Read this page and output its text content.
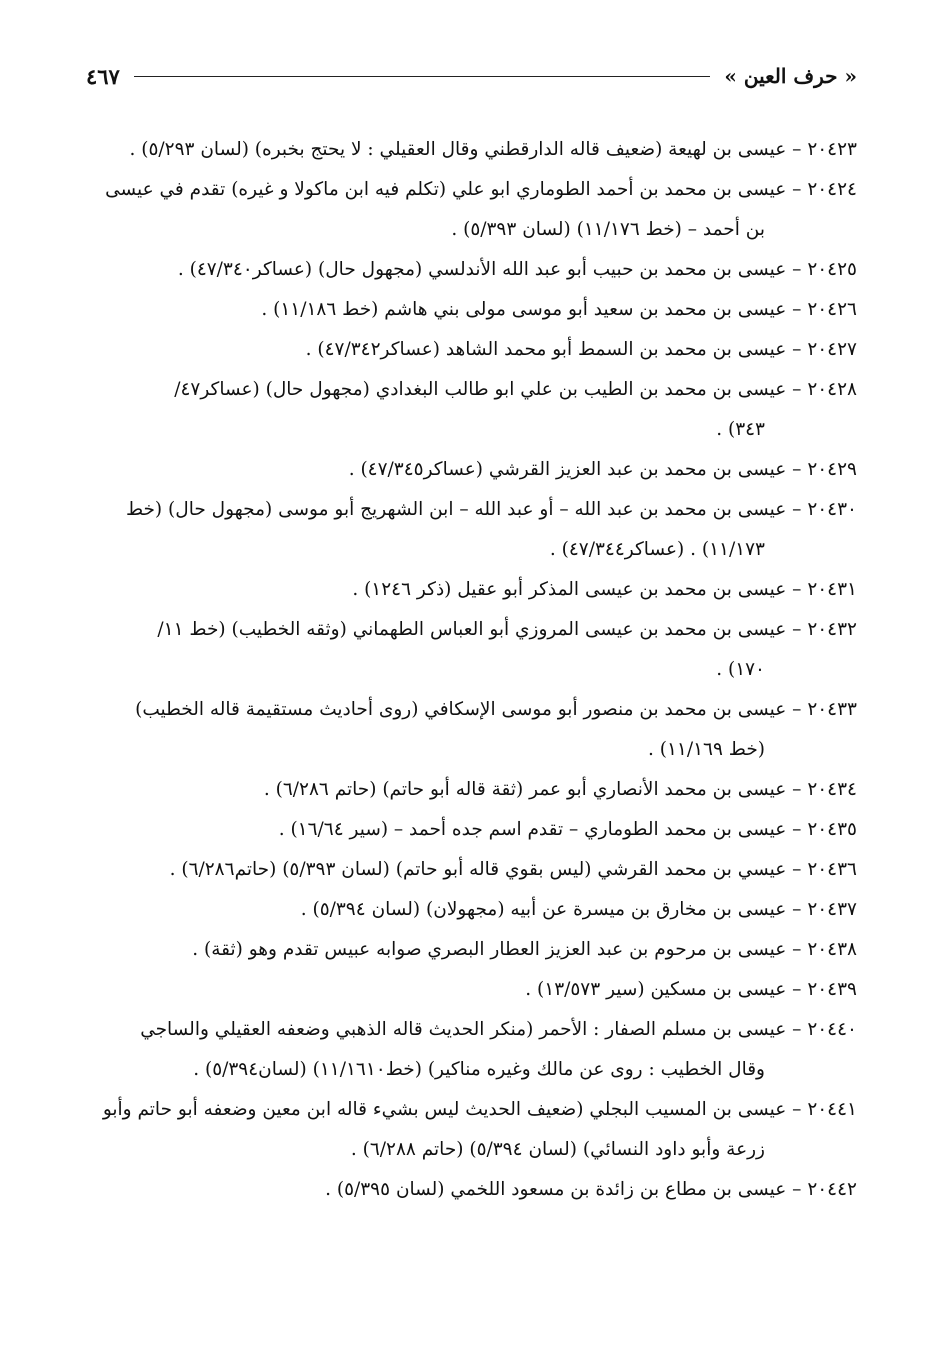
« حرف العين »
٤٦٧

٢٠٤٢٣ – عيسى بن لهيعة (ضعيف قاله الدارقطني وقال العقيلي : لا يحتج بخبره) (لسان ٥/٢٩٣) .

٢٠٤٢٤ – عيسى بن محمد بن أحمد الطوماري ابو علي (تكلم فيه ابن ماكولا و غيره) تقدم في عيسى
بن أحمد – (خط ١١/١٧٦) (لسان ٥/٣٩٣) .

٢٠٤٢٥ – عيسى بن محمد بن حبيب أبو عبد الله الأندلسي (مجهول حال) (عساكر٤٧/٣٤٠) .

٢٠٤٢٦ – عيسى بن محمد بن سعيد أبو موسى مولى بني هاشم (خط ١١/١٨٦) .

٢٠٤٢٧ – عيسى بن محمد بن السمط أبو محمد الشاهد (عساكر٤٧/٣٤٢) .

٢٠٤٢٨ – عيسى بن محمد بن الطيب بن علي ابو طالب البغدادي (مجهول حال) (عساكر٤٧/
٣٤٣) .

٢٠٤٢٩ – عيسى بن محمد بن عبد العزيز القرشي (عساكر٤٧/٣٤٥) .

٢٠٤٣٠ – عيسى بن محمد بن عبد الله – أو عبد الله – ابن الشهريج أبو موسى (مجهول حال) (خط
١١/١٧٣) . (عساكر٤٧/٣٤٤) .

٢٠٤٣١ – عيسى بن محمد بن عيسى المذكر أبو عقيل (ذكر ١٢٤٦) .

٢٠٤٣٢ – عيسى بن محمد بن عيسى المروزي أبو العباس الطهماني (وثقه الخطيب) (خط ١١/
١٧٠) .

٢٠٤٣٣ – عيسى بن محمد بن منصور أبو موسى الإسكافي (روى أحاديث مستقيمة قاله الخطيب)
(خط ١١/١٦٩) .

٢٠٤٣٤ – عيسى بن محمد الأنصاري أبو عمر (ثقة قاله أبو حاتم) (حاتم ٦/٢٨٦) .

٢٠٤٣٥ – عيسى بن محمد الطوماري – تقدم اسم جده أحمد – (سير ١٦/٦٤) .

٢٠٤٣٦ – عيسي بن محمد القرشي (ليس بقوي قاله أبو حاتم) (لسان ٥/٣٩٣) (حاتم٦/٢٨٦) .

٢٠٤٣٧ – عيسى بن مخارق بن ميسرة عن أبيه (مجهولان) (لسان ٥/٣٩٤) .

٢٠٤٣٨ – عيسى بن مرحوم بن عبد العزيز العطار البصري صوابه عبيس تقدم وهو (ثقة) .

٢٠٤٣٩ – عيسى بن مسكين (سير ١٣/٥٧٣) .

٢٠٤٤٠ – عيسى بن مسلم الصفار : الأحمر (منكر الحديث قاله الذهبي وضعفه العقيلي والساجي
وقال الخطيب : روى عن مالك وغيره مناكير) (خط١١/١٦١٠) (لسان٥/٣٩٤) .

٢٠٤٤١ – عيسى بن المسيب البجلي (ضعيف الحديث ليس بشيء قاله ابن معين وضعفه أبو حاتم وأبو
زرعة وأبو داود النسائي) (لسان ٥/٣٩٤) (حاتم ٦/٢٨٨) .

٢٠٤٤٢ – عيسى بن مطاع بن زائدة بن مسعود اللخمي (لسان ٥/٣٩٥) .
